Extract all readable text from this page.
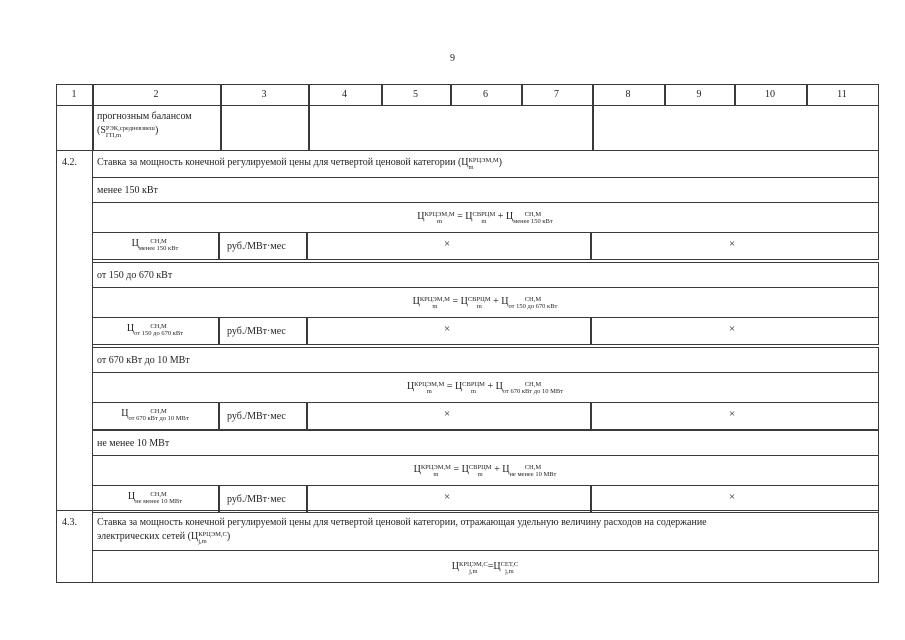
9
1	2	3	4	5	6	7	8	9	10	11
прогнозным балансом
(S РЭК,средневзвеш
ГП,m	)
4.2. Ставка за мощность конечной регулируемой цены для четвертой ценовой категории (Ц КРЦЭМ,М
m	)
менее 150 кВт
Ц КРЦЭМ,М
m	= Ц СВРЦМ
m + Ц	СН,М
менее 150 кВт
Ц	СН,М
менее 150 кВт	руб./МВт·мес	×	×
от 150 до 670 кВт
Ц КРЦЭМ,М
m	= Ц СВРЦМ
m + Ц	СН,М
от 150 до 670 кВт
Ц	СН,М
от 150 до 670 кВт	руб./МВт·мес	×	×
от 670 кВт до 10 МВт
Ц КРЦЭМ,М
m	= Ц СВРЦМ
m + Ц	СН,М
от 670 кВт до 10 МВт
Ц	СН,М
от 670 кВт до 10 МВт	руб./МВт·мес	×	×
не менее 10 МВт
Ц КРЦЭМ,М
m	= Ц СВРЦМ
m + Ц	СН,М
не менее 10 МВт
Ц	СН,М
не менее 10 МВт	руб./МВт·мес	×	×
4.3. Ставка за мощность конечной регулируемой цены для четвертой ценовой категории, отражающая удельную величину расходов на содержание
электрических сетей (Ц КРЦЭМ,С
j,m	)
Ц КРЦЭМ,С
j,m	=Ц СЕТ,С
j,m
